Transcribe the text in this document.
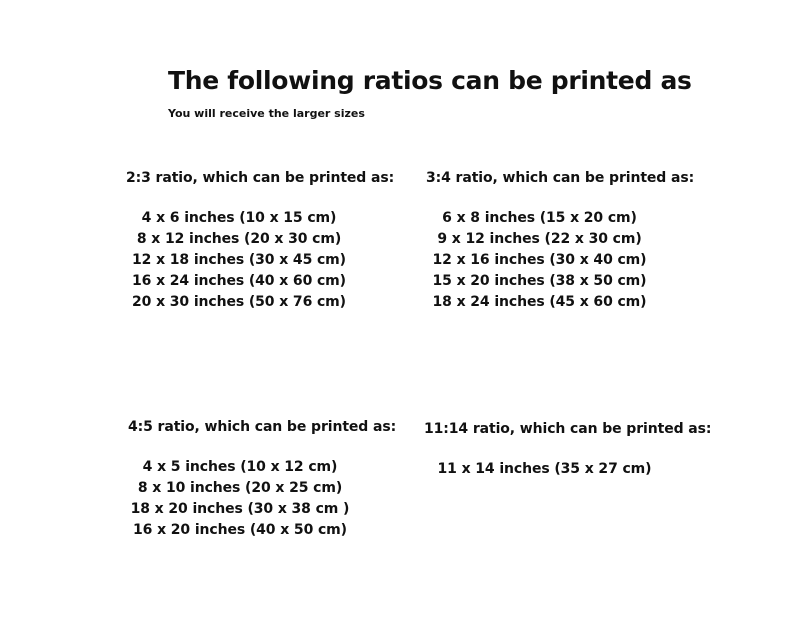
The following ratios can be printed as
You will receive the larger sizes
2:3 ratio, which can be printed as:
4 x 6 inches (10 x 15 cm)
8 x 12 inches (20 x 30 cm)
12 x 18 inches (30 x 45 cm)
16 x 24 inches (40 x 60 cm)
20 x 30 inches (50 x 76 cm)
3:4 ratio, which can be printed as:
6 x 8 inches (15 x 20 cm)
9 x 12 inches (22 x 30 cm)
12 x 16 inches (30 x 40 cm)
15 x 20 inches (38 x 50 cm)
18 x 24 inches (45 x 60 cm)
4:5 ratio, which can be printed as:
4 x 5 inches (10 x 12 cm)
8 x 10 inches (20 x 25 cm)
18 x 20 inches (30 x 38 cm )
16 x 20 inches (40 x 50 cm)
11:14 ratio, which can be printed as:
11 x 14 inches (35 x 27 cm)
